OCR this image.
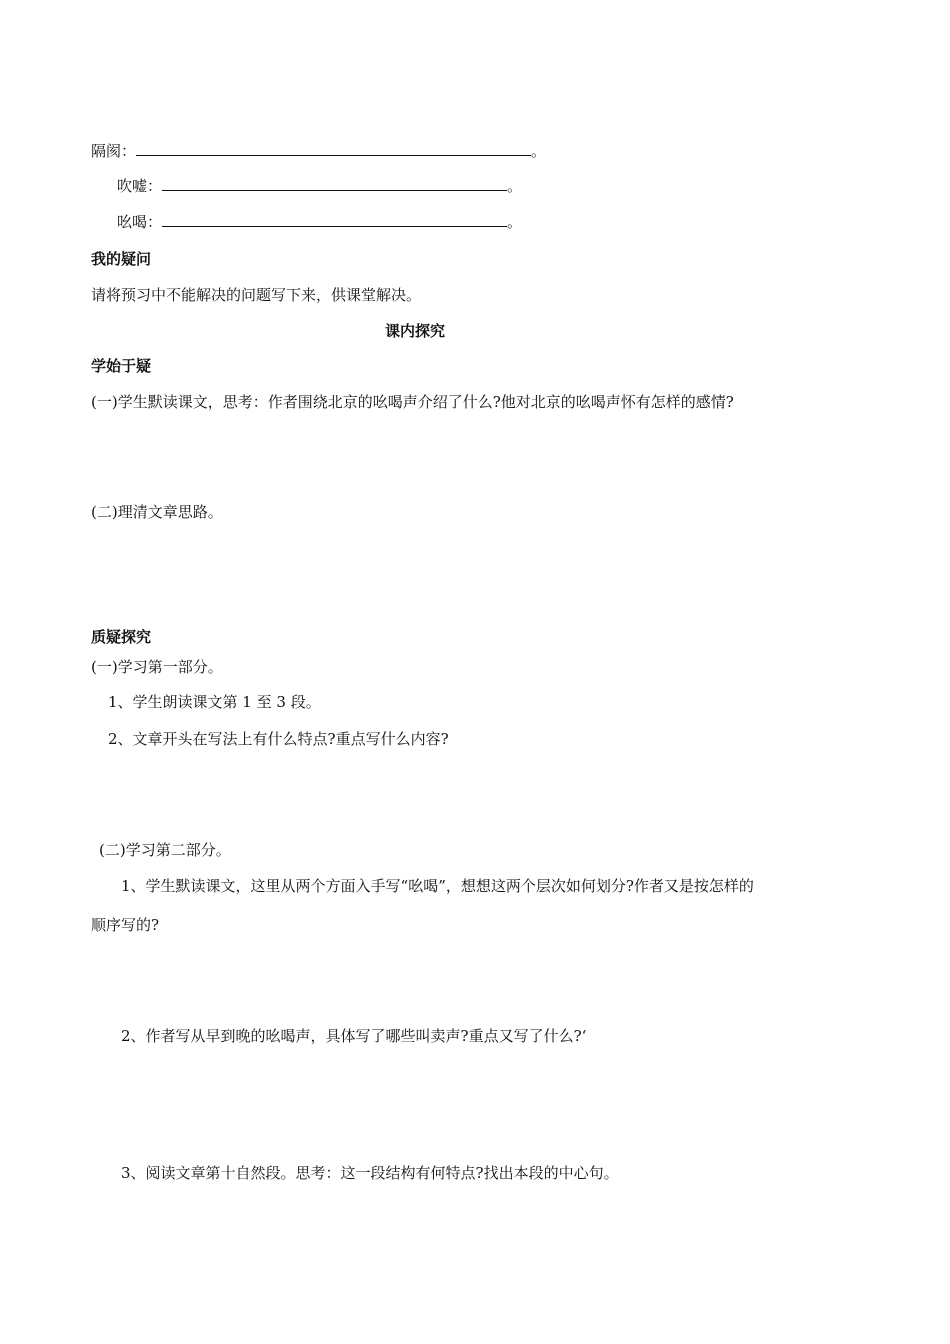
隔阂：	。
吹嘘：	。
吆喝：	。
我的疑问
请将预习中不能解决的问题写下来，供课堂解决。
课内探究
学始于疑
(一)学生默读课文，思考：作者围绕北京的吆喝声介绍了什么?他对北京的吆喝声怀有怎样的感情?
(二)理清文章思路。
质疑探究
(一)学习第一部分。
1、学生朗读课文第 1 至 3 段。
2、文章开头在写法上有什么特点?重点写什么内容?
(二)学习第二部分。
1、学生默读课文，这里从两个方面入手写“吆喝”，想想这两个层次如何划分?作者又是按怎样的
顺序写的?
2、作者写从早到晚的吆喝声，具体写了哪些叫卖声?重点又写了什么?‘
3、阅读文章第十自然段。思考：这一段结构有何特点?找出本段的中心句。
